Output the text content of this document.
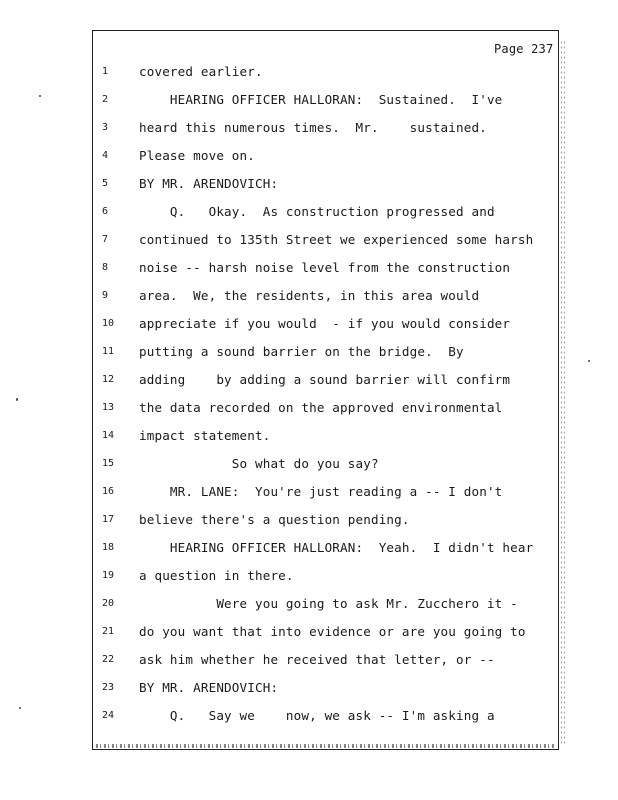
Page 237
1	covered earlier.
2	HEARING OFFICER HALLORAN:  Sustained.  I've
3	heard this numerous times.  Mr.    sustained.
4	Please move on.
5	BY MR. ARENDOVICH:
6	Q.   Okay.  As construction progressed and
7	continued to 135th Street we experienced some harsh
8	noise -- harsh noise level from the construction
9	area.  We, the residents, in this area would
10	appreciate if you would  - if you would consider
11	putting a sound barrier on the bridge.  By
12	adding    by adding a sound barrier will confirm
13	the data recorded on the approved environmental
14	impact statement.
15	So what do you say?
16	MR. LANE:  You're just reading a -- I don't
17	believe there's a question pending.
18	HEARING OFFICER HALLORAN:  Yeah.  I didn't hear
19	a question in there.
20	Were you going to ask Mr. Zucchero it -
21	do you want that into evidence or are you going to
22	ask him whether he received that letter, or --
23	BY MR. ARENDOVICH:
24	Q.   Say we    now, we ask -- I'm asking a
